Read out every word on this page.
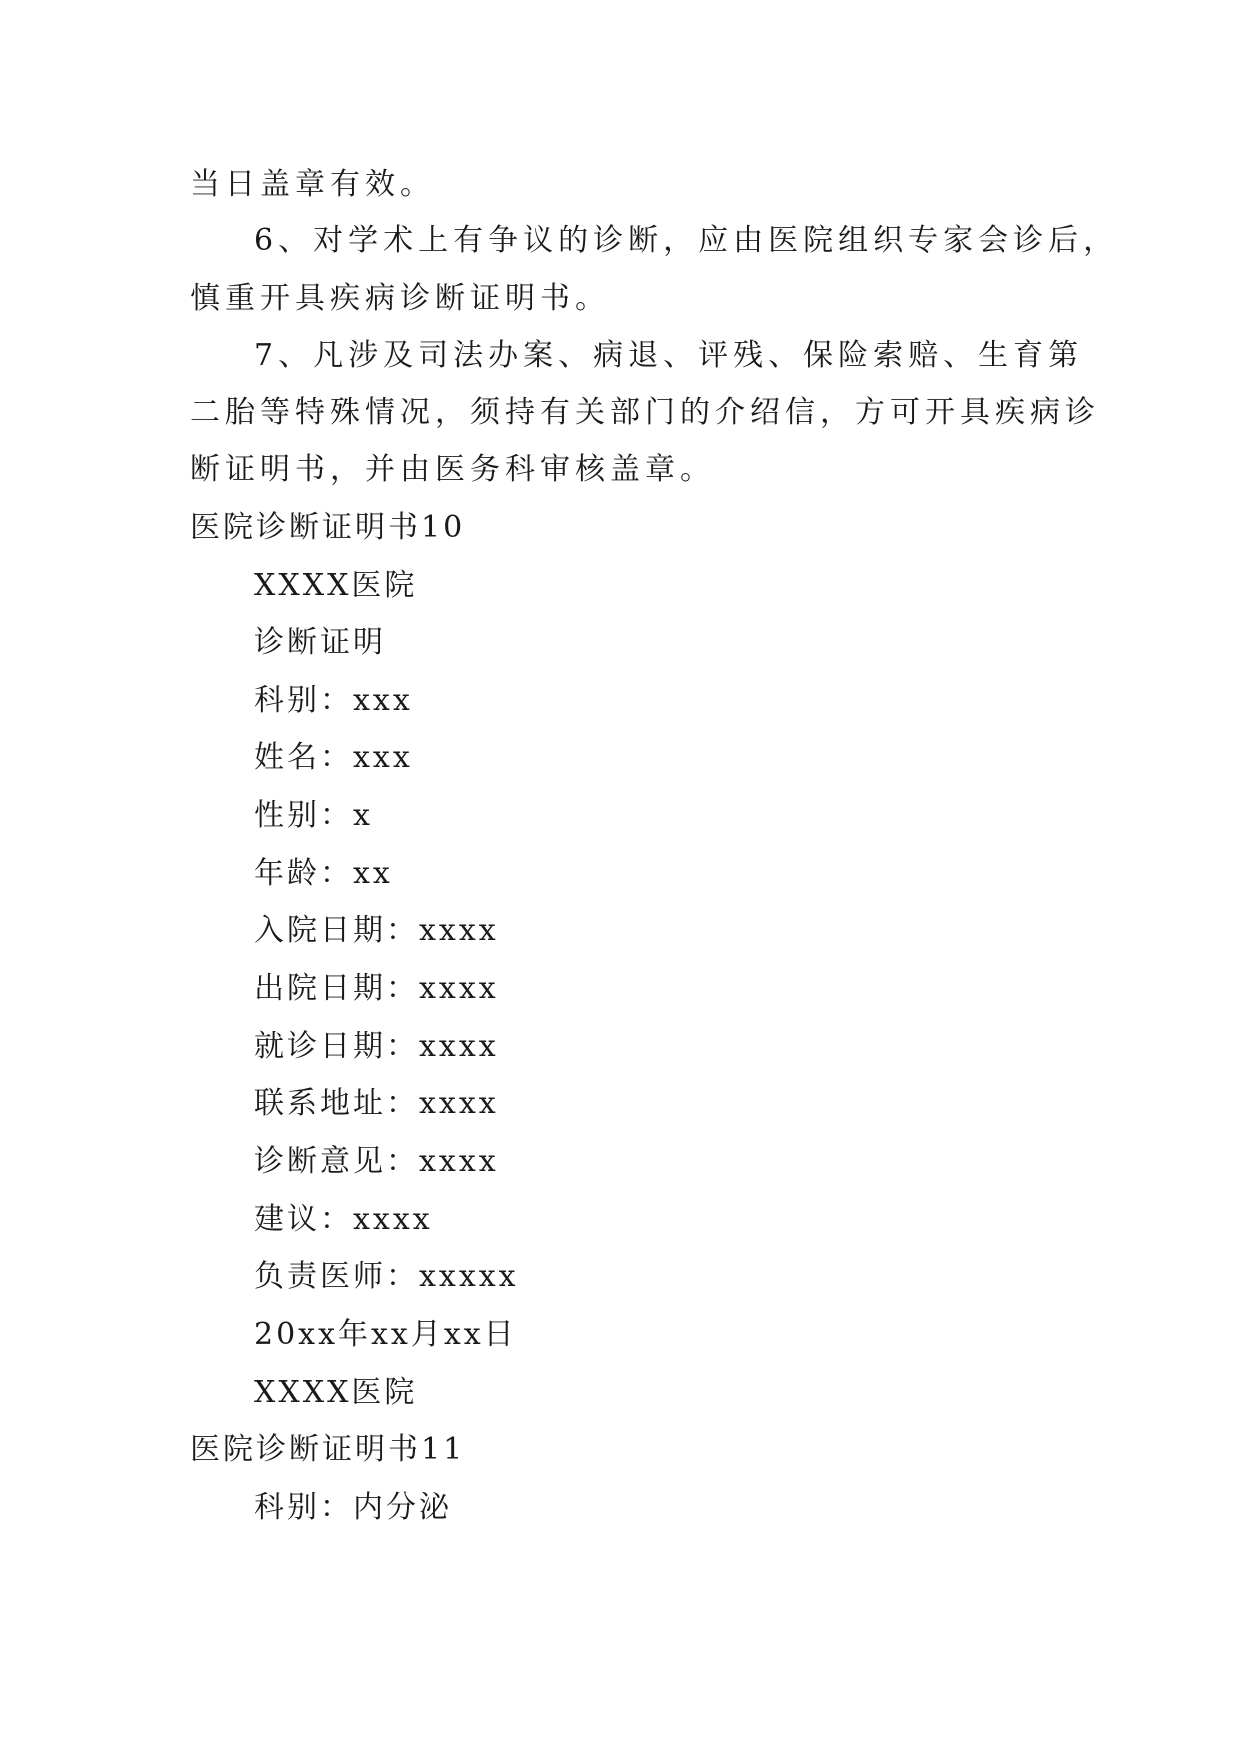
当日盖章有效。
6、对学术上有争议的诊断，应由医院组织专家会诊后，
慎重开具疾病诊断证明书。
7、凡涉及司法办案、病退、评残、保险索赔、生育第
二胎等特殊情况，须持有关部门的介绍信，方可开具疾病诊
断证明书，并由医务科审核盖章。
医院诊断证明书10
XXXX医院
诊断证明
科别：xxx
姓名：xxx
性别：x
年龄：xx
入院日期：xxxx
出院日期：xxxx
就诊日期：xxxx
联系地址：xxxx
诊断意见：xxxx
建议：xxxx
负责医师：xxxxx
20xx年xx月xx日
XXXX医院
医院诊断证明书11
科别：内分泌
